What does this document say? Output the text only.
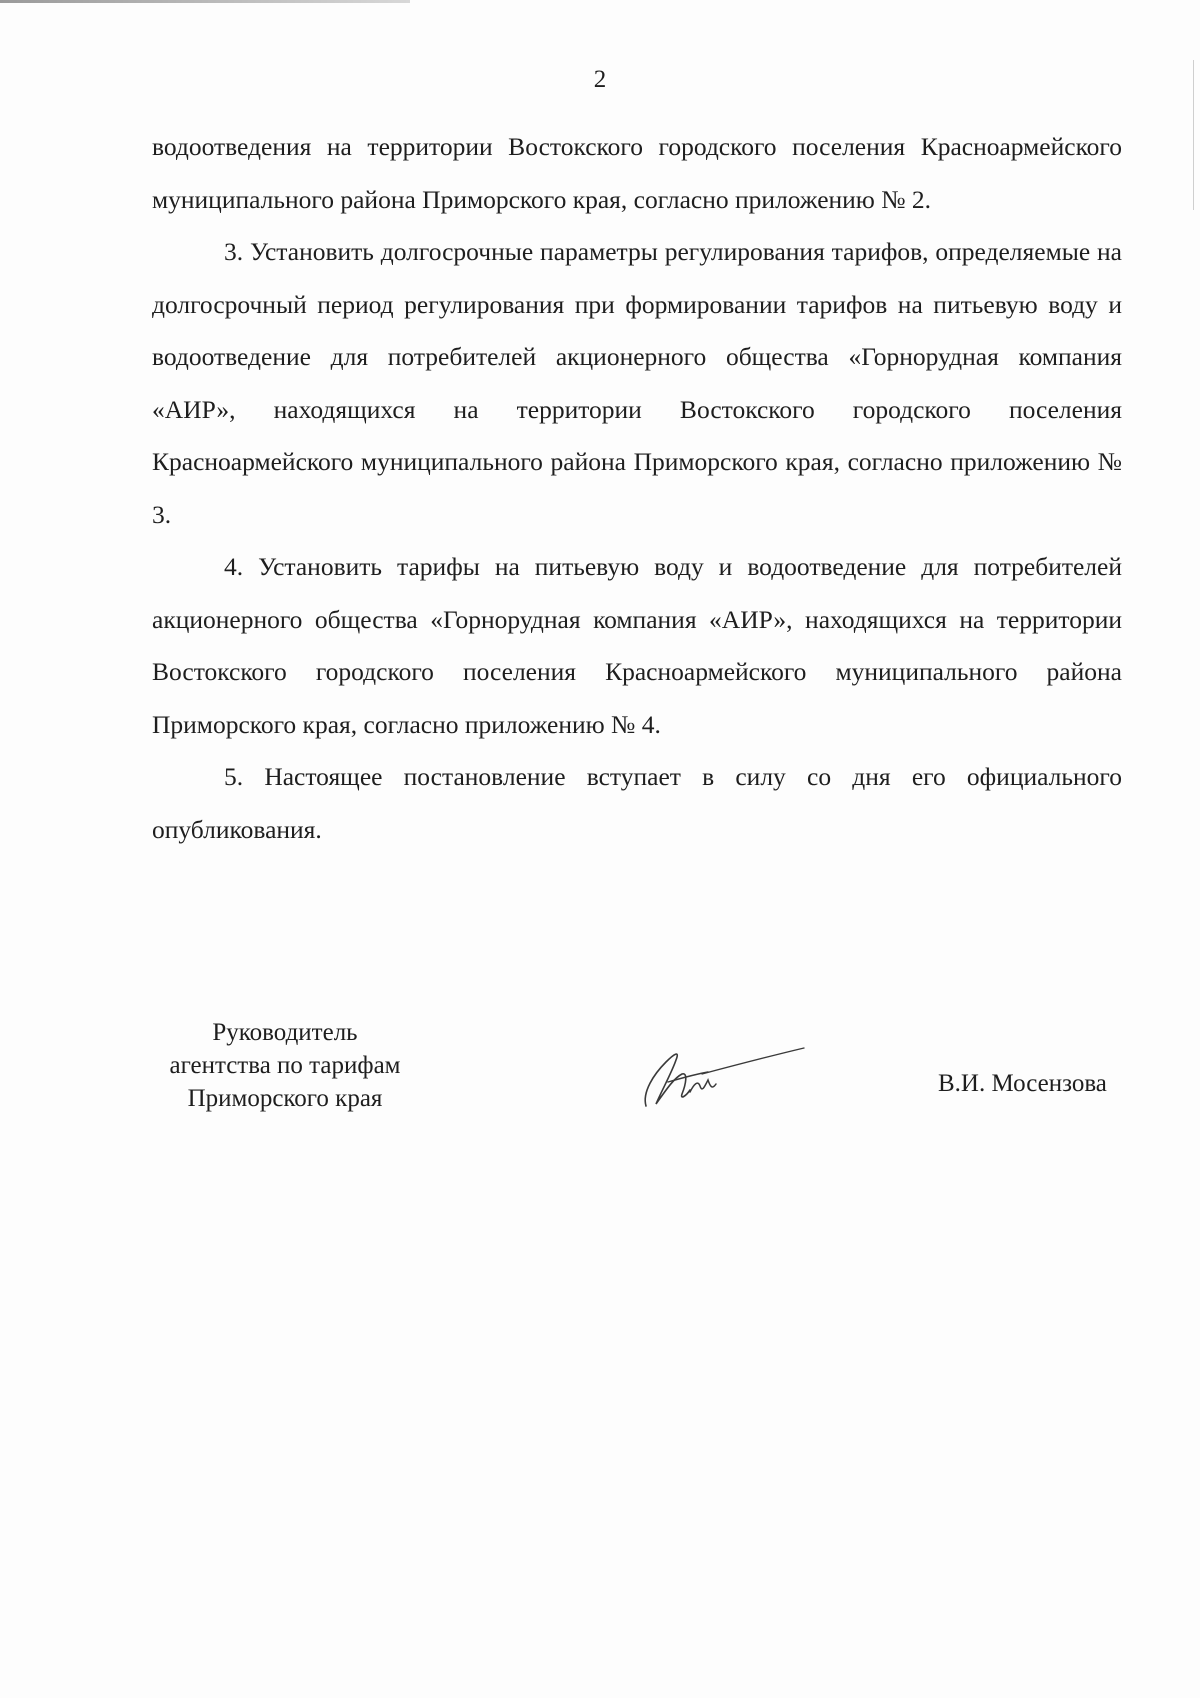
2

водоотведения на территории Востокского городского поселения Красноармейского муниципального района Приморского края, согласно приложению № 2.

3. Установить долгосрочные параметры регулирования тарифов, определяемые на долгосрочный период регулирования при формировании тарифов на питьевую воду и водоотведение для потребителей акционерного общества «Горнорудная компания «АИР», находящихся на территории Востокского городского поселения Красноармейского муниципального района Приморского края, согласно приложению № 3.

4. Установить тарифы на питьевую воду и водоотведение для потребителей акционерного общества «Горнорудная компания «АИР», находящихся на территории Востокского городского поселения Красноармейского муниципального района Приморского края, согласно приложению № 4.

5. Настоящее постановление вступает в силу со дня его официального опубликования.

Руководитель
агентства по тарифам
Приморского края
В.И. Мосензова
